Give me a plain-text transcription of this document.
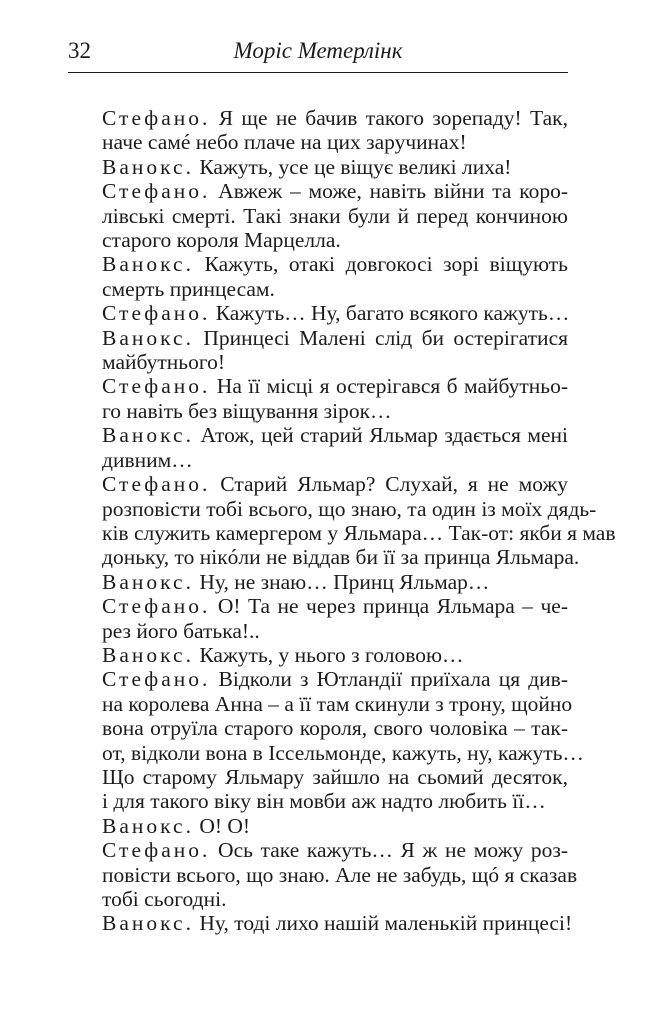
32	Моріс Метерлінк
Стефано. Я ще не бачив такого зорепаду! Так,
наче самé небо плаче на цих заручинах!
Ванокс. Кажуть, усе це віщує великі лиха!
Стефано. Авжеж – може, навіть війни та коро-
лівські смерті. Такі знаки були й перед кончиною
старого короля Марцелла.
Ванокс. Кажуть, отакі довгокосі зорі віщують
смерть принцесам.
Стефано. Кажуть… Ну, багато всякого кажуть…
Ванокс. Принцесі Малені слід би остерігатися
майбутнього!
Стефано. На її місці я остерігався б майбутньо-
го навіть без віщування зірок…
Ванокс. Атож, цей старий Яльмар здається мені
дивним…
Стефано. Старий Яльмар? Слухай, я не можу
розповісти тобі всього, що знаю, та один із моїх дядь-
ків служить камергером у Яльмара… Так-от: якби я мав
доньку, то нікóли не віддав би її за принца Яльмара.
Ванокс. Ну, не знаю… Принц Яльмар…
Стефано. О! Та не через принца Яльмара – че-
рез його батька!..
Ванокс. Кажуть, у нього з головою…
Стефано. Відколи з Ютландії приїхала ця див-
на королева Анна – а її там скинули з трону, щойно
вона отруїла старого короля, свого чоловіка – так-
от, відколи вона в Іссельмонде, кажуть, ну, кажуть…
Що старому Яльмару зайшло на сьомий десяток,
і для такого віку він мовби аж надто любить її…
Ванокс. О! О!
Стефано. Ось таке кажуть… Я ж не можу роз-
повісти всього, що знаю. Але не забудь, щó я сказав
тобі сьогодні.
Ванокс. Ну, тоді лихо нашій маленькій принцесі!
